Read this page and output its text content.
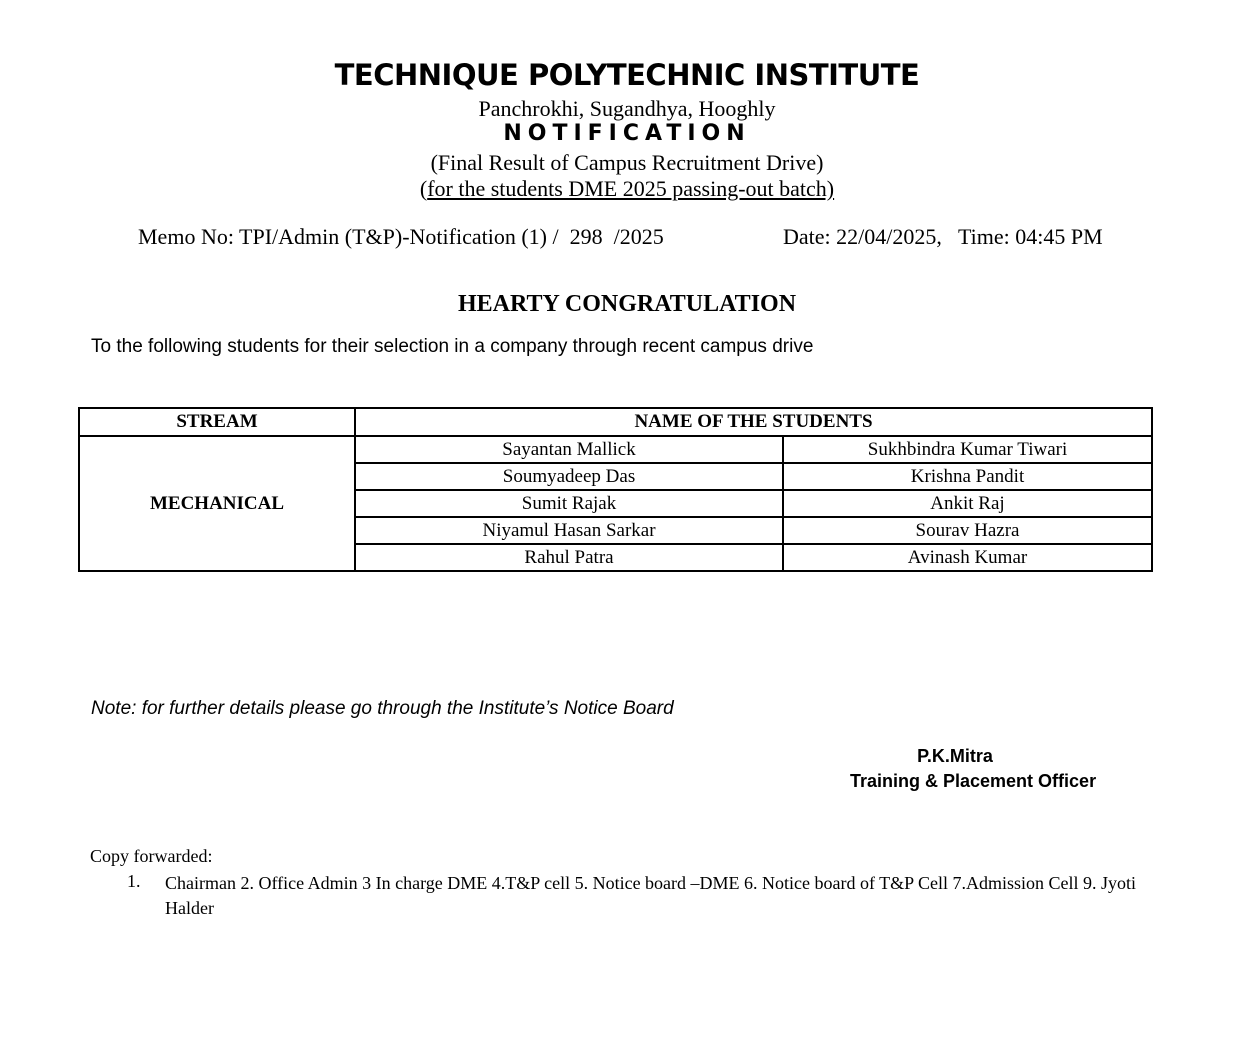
TECHNIQUE POLYTECHNIC INSTITUTE
Panchrokhi, Sugandhya, Hooghly
NOTIFICATION
(Final Result of Campus Recruitment Drive)
(for the students DME 2025 passing-out batch)
Memo No: TPI/Admin (T&P)-Notification (1) /  298  /2025	Date: 22/04/2025,   Time: 04:45 PM
HEARTY CONGRATULATION
To the following students for their selection in a company through recent campus drive
STREAM	NAME OF THE STUDENTS	
MECHANICAL	Sayantan Mallick	Sukhbindra Kumar Tiwari
	Soumyadeep Das	Krishna Pandit
	Sumit Rajak	Ankit Raj
	Niyamul Hasan Sarkar	Sourav Hazra
	Rahul Patra	Avinash Kumar
Note: for further details please go through the Institute’s Notice Board
P.K.Mitra
Training & Placement Officer
Copy forwarded:
1. Chairman 2. Office Admin 3 In charge DME 4.T&P cell 5. Notice board –DME 6. Notice board of T&P Cell 7.Admission Cell 9. Jyoti Halder
